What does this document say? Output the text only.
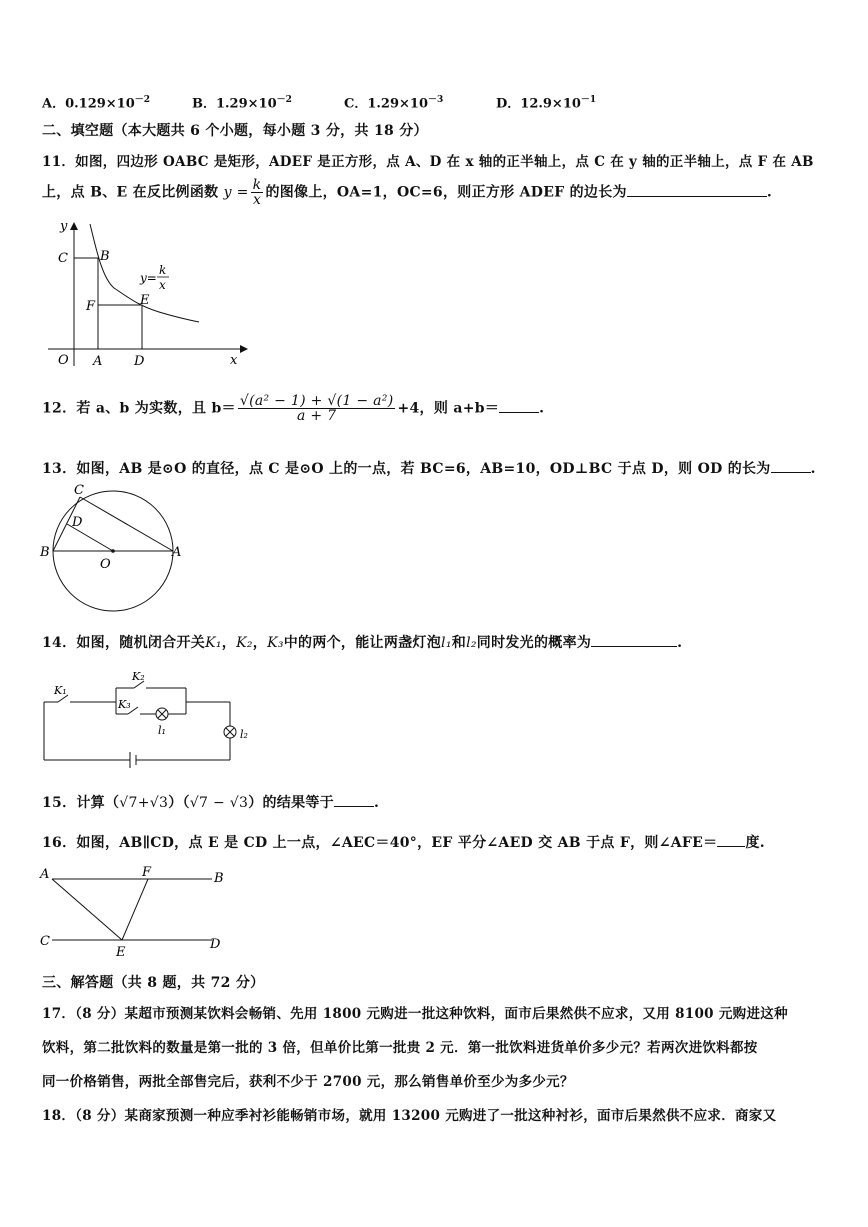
A．$0.129\times 10^{-2}$	B．$1.29\times 10^{-2}$	C．$1.29\times 10^{-3}$	D．$12.9\times 10^{-1}$
二、填空题（本大题共 6 个小题，每小题 3 分，共 18 分）
11．如图，四边形 OABC 是矩形，ADEF 是正方形，点 A、D 在 x 轴的正半轴上，点 C 在 y 轴的正半轴上，点 F 在 AB
上，点 B、E 在反比例函数 $y = \frac{k}{x}$ 的图像上，OA=1，OC=6，则正方形 ADEF 的边长为	.
y
x
O A D
C
F
B
E
y=
k
x
12．若 a、b 为实数，且 $b= \frac{\text{√(a² − 1) + √(1 − a²)}}{a + 7} +4$，则 a+b＝	.
13．如图，AB 是⊙O 的直径，点 C 是⊙O 上的一点，若 BC=6，AB=10，OD⊥BC 于点 D，则 OD 的长为	.
C
D
B
O
A
14．如图，随机闭合开关K₁，K₂，K₃中的两个，能让两盏灯泡l₁和l₂同时发光的概率为	.
K₁
K₂
K₃
l₁	l₂
15．计算（√7+√3）（√7 − √3）的结果等于	.
16．如图，AB∥CD，点 E 是 CD 上一点，∠AEC＝40°，EF 平分∠AED 交 AB 于点 F，则∠AFE＝ 度.
A	F	B
C
E
D
三、解答题（共 8 题，共 72 分）
17．（8 分）某超市预测某饮料会畅销、先用 1800 元购进一批这种饮料，面市后果然供不应求，又用 8100 元购进这种
饮料，第二批饮料的数量是第一批的 3 倍，但单价比第一批贵 2 元．第一批饮料进货单价多少元？若两次进饮料都按
同一价格销售，两批全部售完后，获利不少于 2700 元，那么销售单价至少为多少元？
18．（8 分）某商家预测一种应季衬衫能畅销市场，就用 13200 元购进了一批这种衬衫，面市后果然供不应求．商家又
